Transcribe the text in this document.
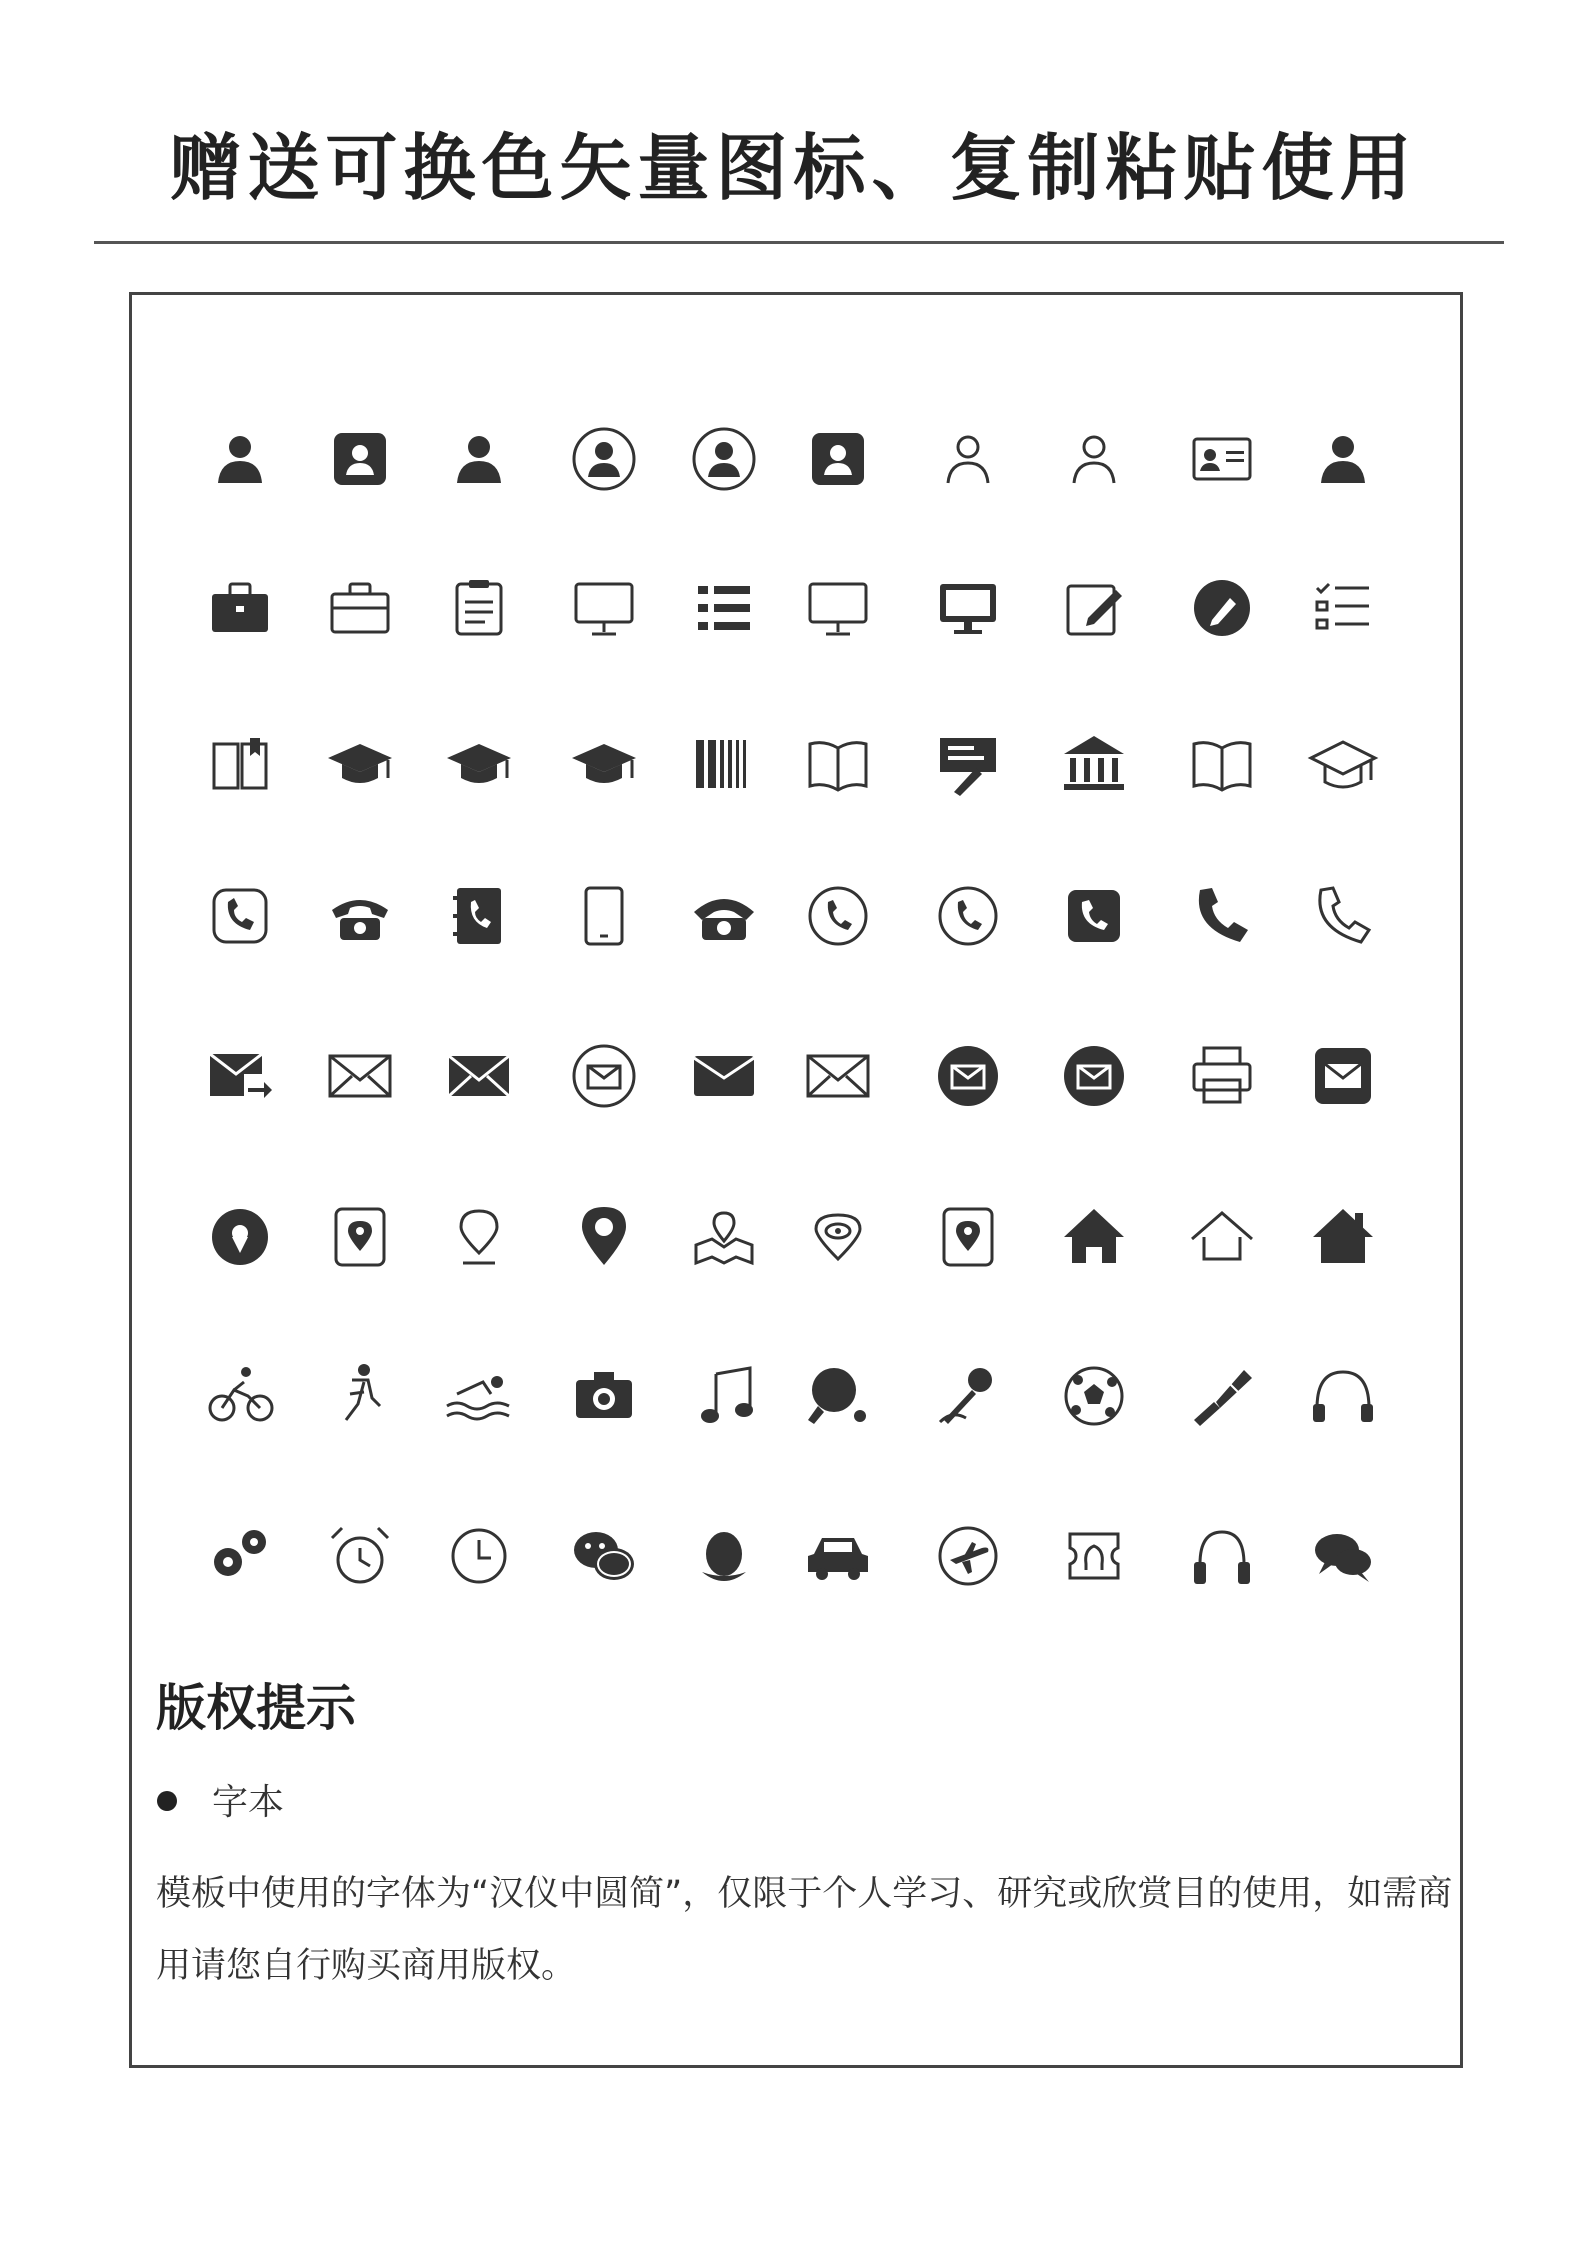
赠送可换色矢量图标、复制粘贴使用
版权提示
字本
模板中使用的字体为“汉仪中圆简”，仅限于个人学习、研究或欣赏目的使用，如需商用请您自行购买商用版权。
